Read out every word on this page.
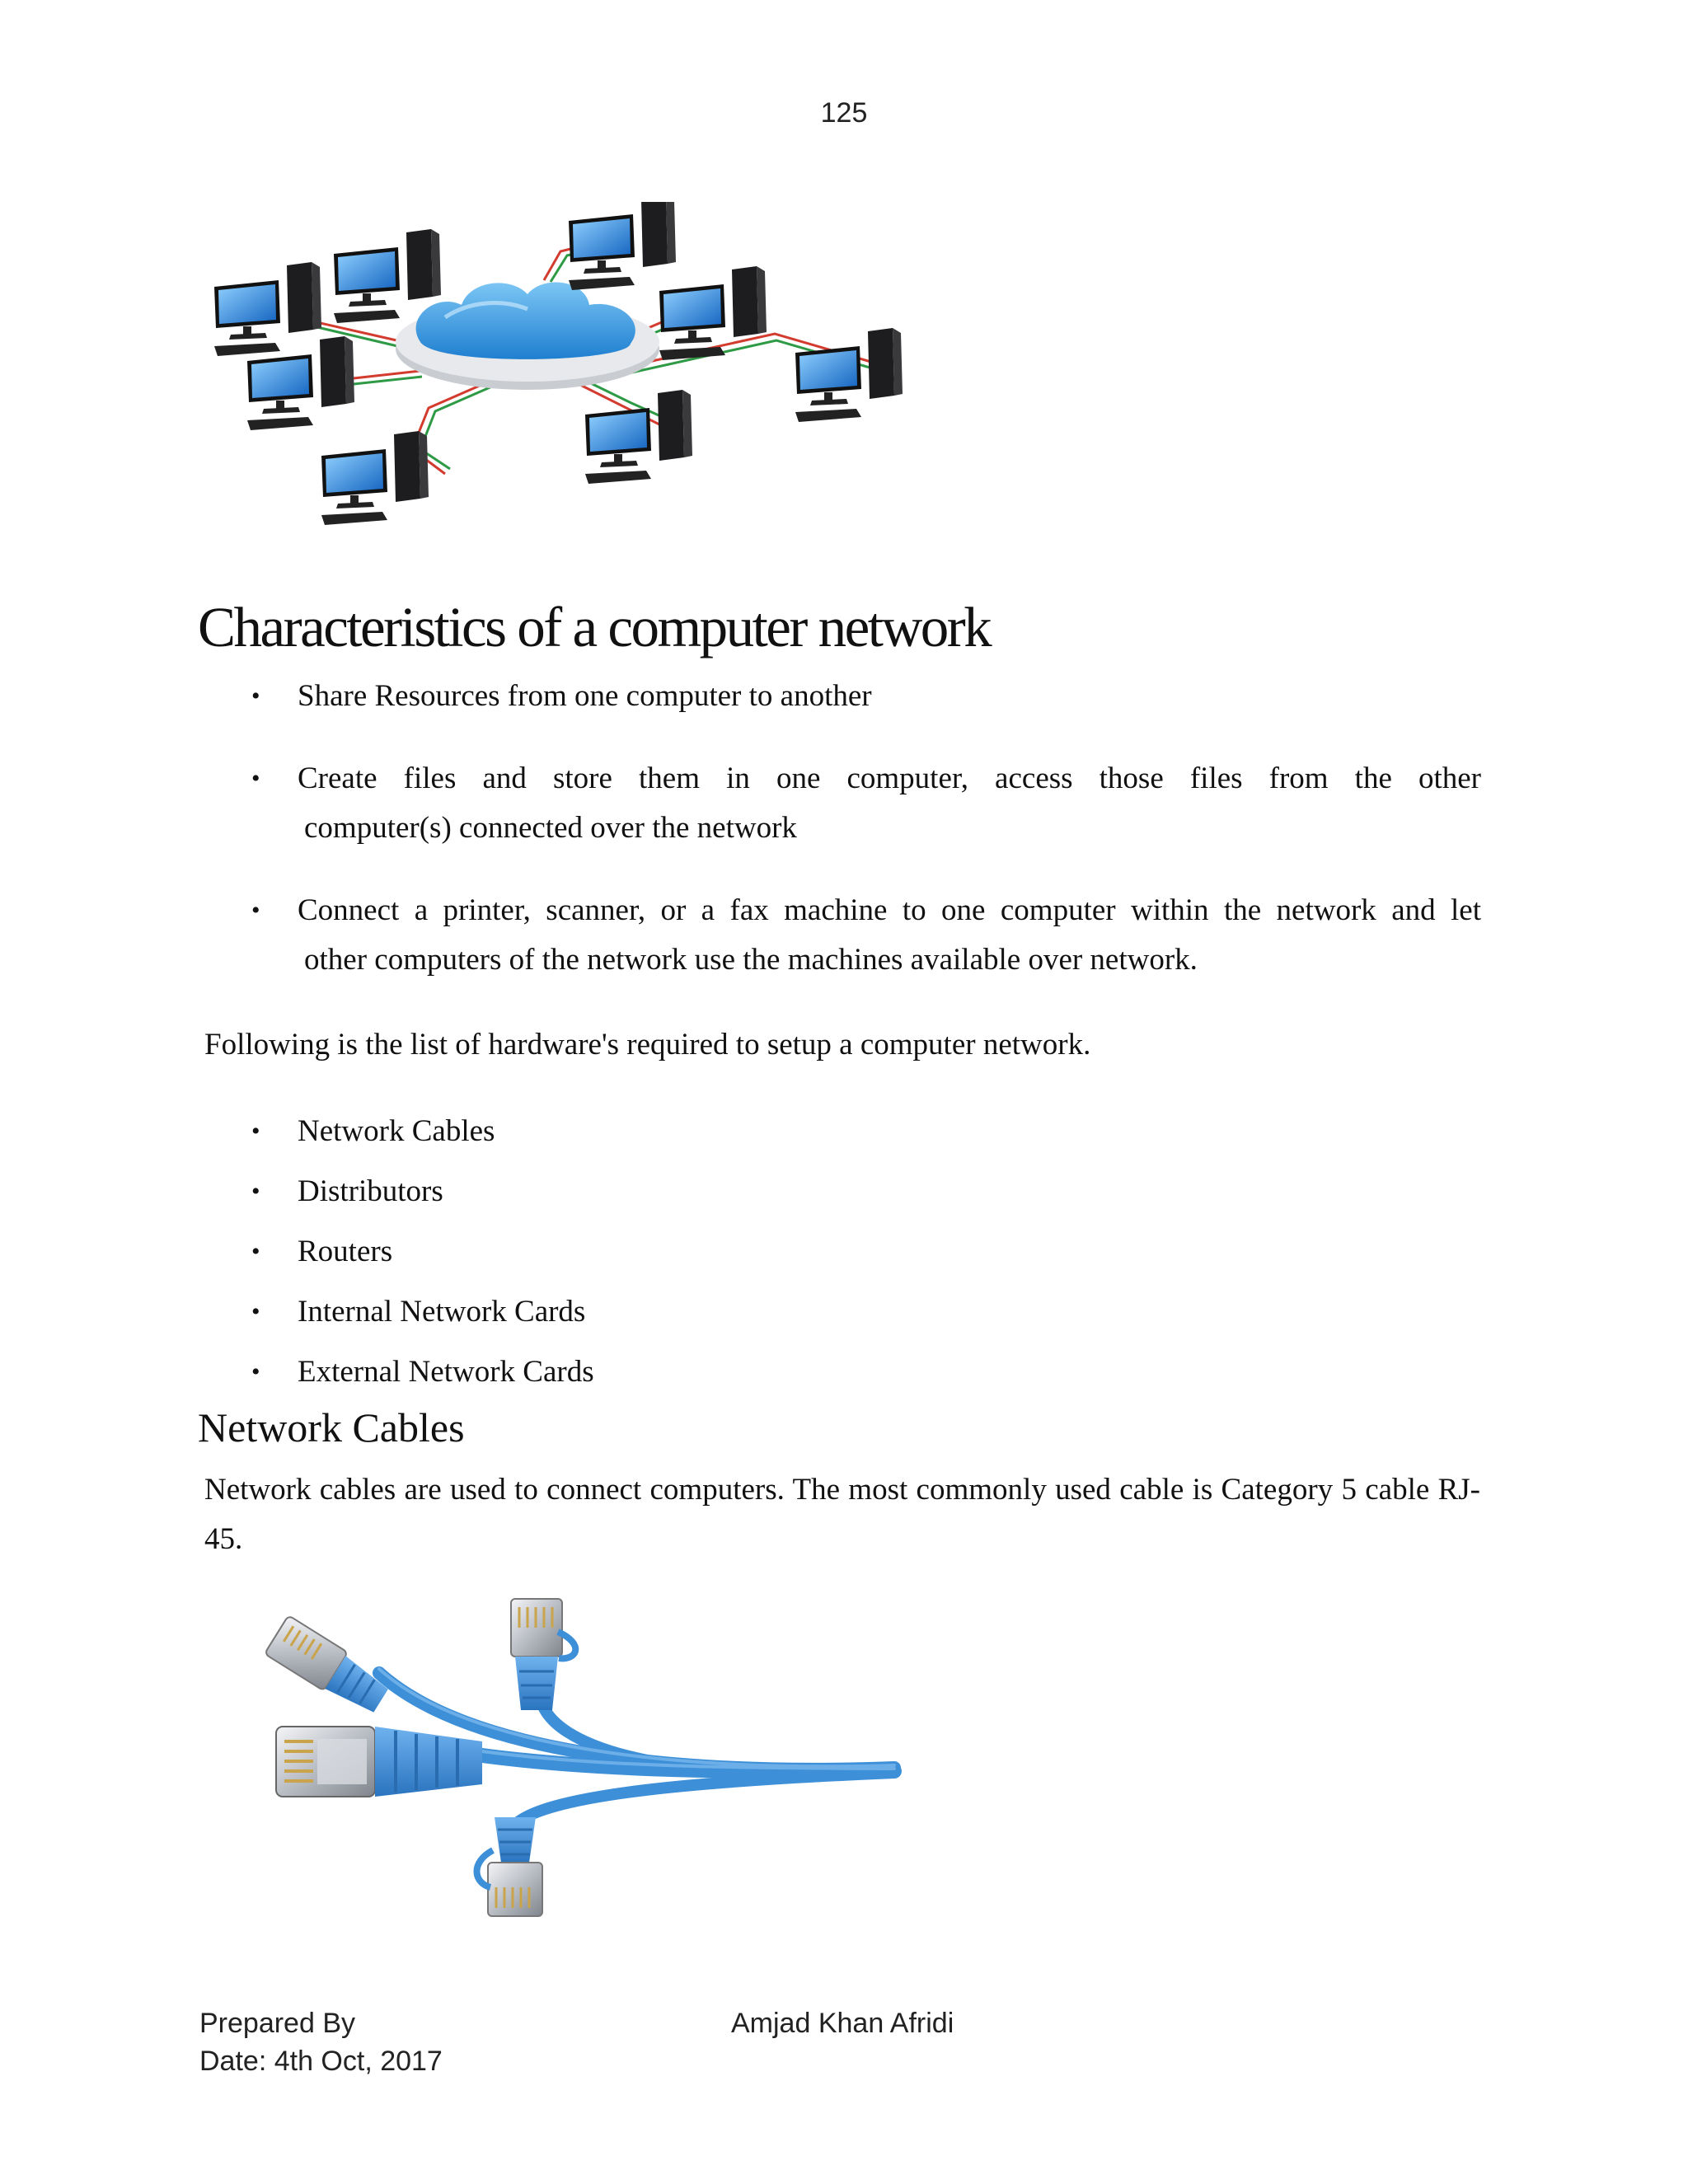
125
Characteristics of a computer network
• Share Resources from one computer to another
• Create files and store them in one computer, access those files from the other
computer(s) connected over the network
• Connect a printer, scanner, or a fax machine to one computer within the network and let
other computers of the network use the machines available over network.

Following is the list of hardware's required to setup a computer network.

• Network Cables
• Distributors
• Routers
• Internal Network Cards
• External Network Cards
Network Cables

Network cables are used to connect computers. The most commonly used cable is Category 5 cable RJ-45.

Prepared By	Amjad Khan Afridi
Date: 4th Oct, 2017
